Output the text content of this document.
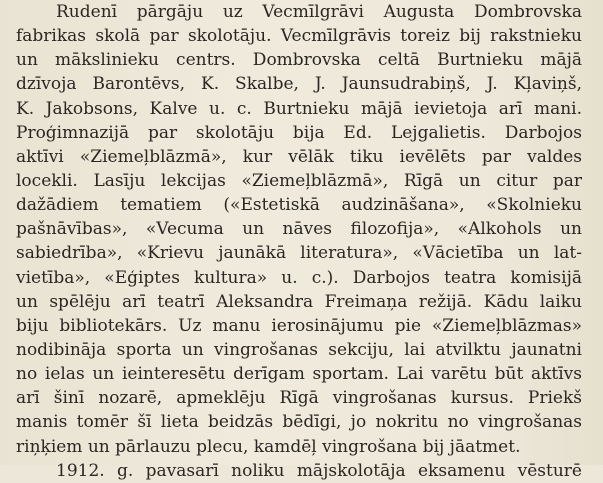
Rudenī pārgāju uz Vecmīlgrāvi Augusta Dombrovska
fabrikas skolā par skolotāju. Vecmīlgrāvis toreiz bij rakstnieku
un mākslinieku centrs. Dombrovska celtā Burtnieku mājā
dzīvoja Barontēvs, K. Skalbe, J. Jaunsudrabiņš, J. Kļaviņš,
K. Jakobsons, Kalve u. c. Burtnieku mājā ievietoja arī mani.
Proģimnazijā par skolotāju bija Ed. Lejgalietis. Darbojos
aktīvi «Ziemeļblāzmā», kur vēlāk tiku ievēlēts par valdes
locekli. Lasīju lekcijas «Ziemeļblāzmā», Rīgā un citur par
dažādiem tematiem («Estetiskā audzināšana», «Skolnieku
pašnāvības», «Vecuma un nāves filozofija», «Alkohols un
sabiedrība», «Krievu jaunākā literatura», «Vācietība un lat-
vietība», «Eģiptes kultura» u. c.). Darbojos teatra komisijā
un spēlēju arī teatrī Aleksandra Freimaņa režijā. Kādu laiku
biju bibliotekārs. Uz manu ierosinājumu pie «Ziemeļblāzmas»
nodibināja sporta un vingrošanas sekciju, lai atvilktu jaunatni
no ielas un ieinteresētu derīgam sportam. Lai varētu būt aktīvs
arī šinī nozarē, apmeklēju Rīgā vingrošanas kursus. Priekš
manis tomēr šī lieta beidzās bēdīgi, jo nokritu no vingrošanas
riņķiem un pārlauzu plecu, kamdēļ vingrošana bij jāatmet.
1912. g. pavasarī noliku mājskolotāja eksamenu vēsturē
